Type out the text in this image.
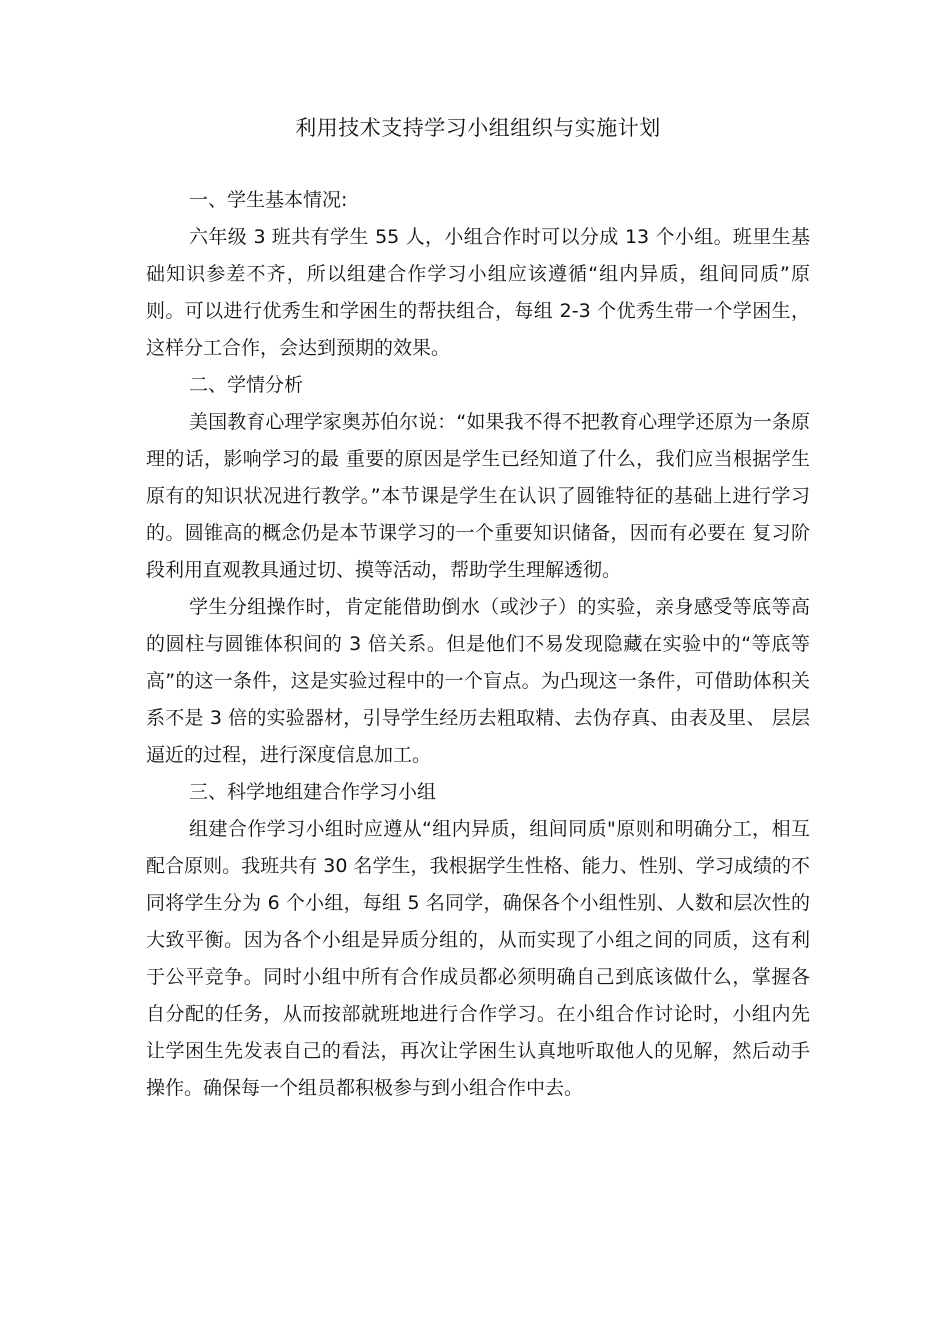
利用技术支持学习小组组织与实施计划

一、学生基本情况:

六年级 3 班共有学生 55 人，小组合作时可以分成 13 个小组。班里生基础知识参差不齐，所以组建合作学习小组应该遵循“组内异质，组间同质”原则。可以进行优秀生和学困生的帮扶组合，每组 2-3 个优秀生带一个学困生，这样分工合作，会达到预期的效果。

二、学情分析

美国教育心理学家奥苏伯尔说：“如果我不得不把教育心理学还原为一条原理的话，影响学习的最 重要的原因是学生已经知道了什么，我们应当根据学生原有的知识状况进行教学。”本节课是学生在认识了圆锥特征的基础上进行学习的。圆锥高的概念仍是本节课学习的一个重要知识储备，因而有必要在 复习阶段利用直观教具通过切、摸等活动，帮助学生理解透彻。

学生分组操作时，肯定能借助倒水（或沙子）的实验，亲身感受等底等高的圆柱与圆锥体积间的 3 倍关系。但是他们不易发现隐藏在实验中的“等底等高”的这一条件，这是实验过程中的一个盲点。为凸现这一条件，可借助体积关系不是 3 倍的实验器材，引导学生经历去粗取精、去伪存真、由表及里、 层层逼近的过程，进行深度信息加工。

三、科学地组建合作学习小组

组建合作学习小组时应遵从“组内异质，组间同质"原则和明确分工，相互配合原则。我班共有 30 名学生，我根据学生性格、能力、性别、学习成绩的不同将学生分为 6 个小组，每组 5 名同学，确保各个小组性别、人数和层次性的大致平衡。因为各个小组是异质分组的，从而实现了小组之间的同质，这有利于公平竞争。同时小组中所有合作成员都必须明确自己到底该做什么，掌握各自分配的任务，从而按部就班地进行合作学习。在小组合作讨论时，小组内先让学困生先发表自己的看法，再次让学困生认真地听取他人的见解，然后动手操作。确保每一个组员都积极参与到小组合作中去。
